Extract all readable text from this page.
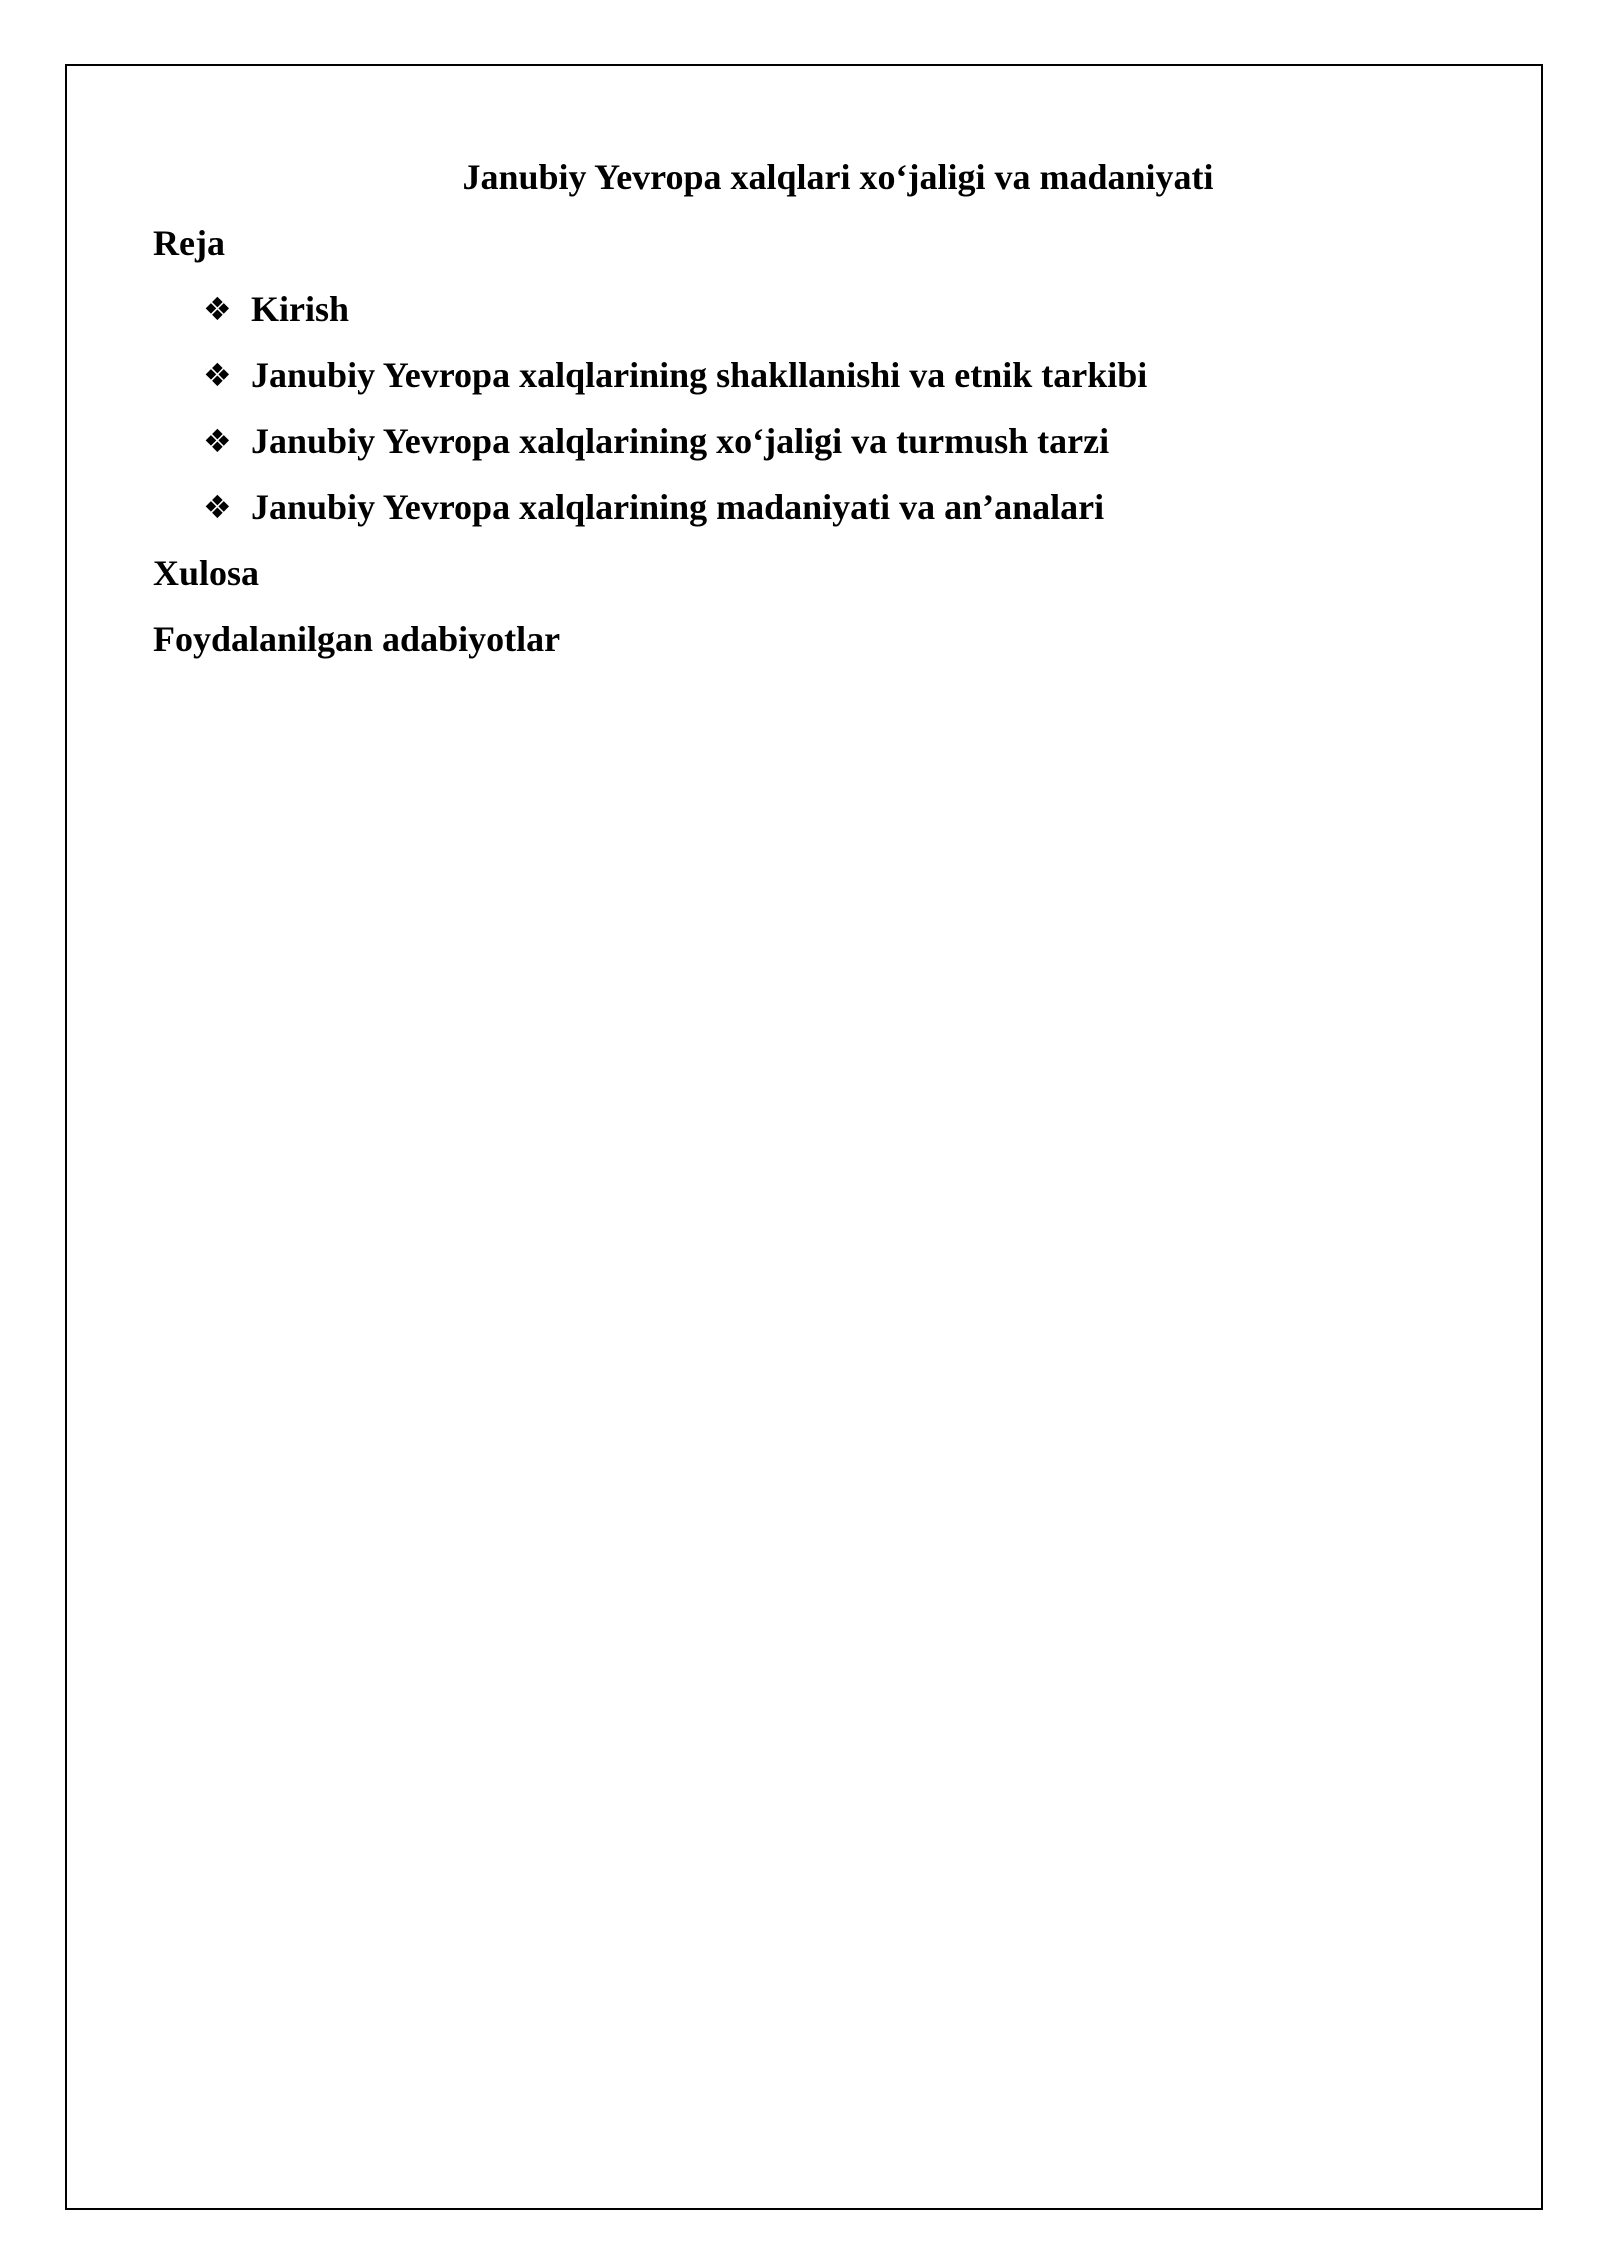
Janubiy Yevropa xalqlari xo‘jaligi va madaniyati

Reja

❖ Kirish
❖ Janubiy Yevropa xalqlarining shakllanishi va etnik tarkibi
❖ Janubiy Yevropa xalqlarining xo‘jaligi va turmush tarzi
❖ Janubiy Yevropa xalqlarining madaniyati va an’analari

Xulosa

Foydalanilgan adabiyotlar
